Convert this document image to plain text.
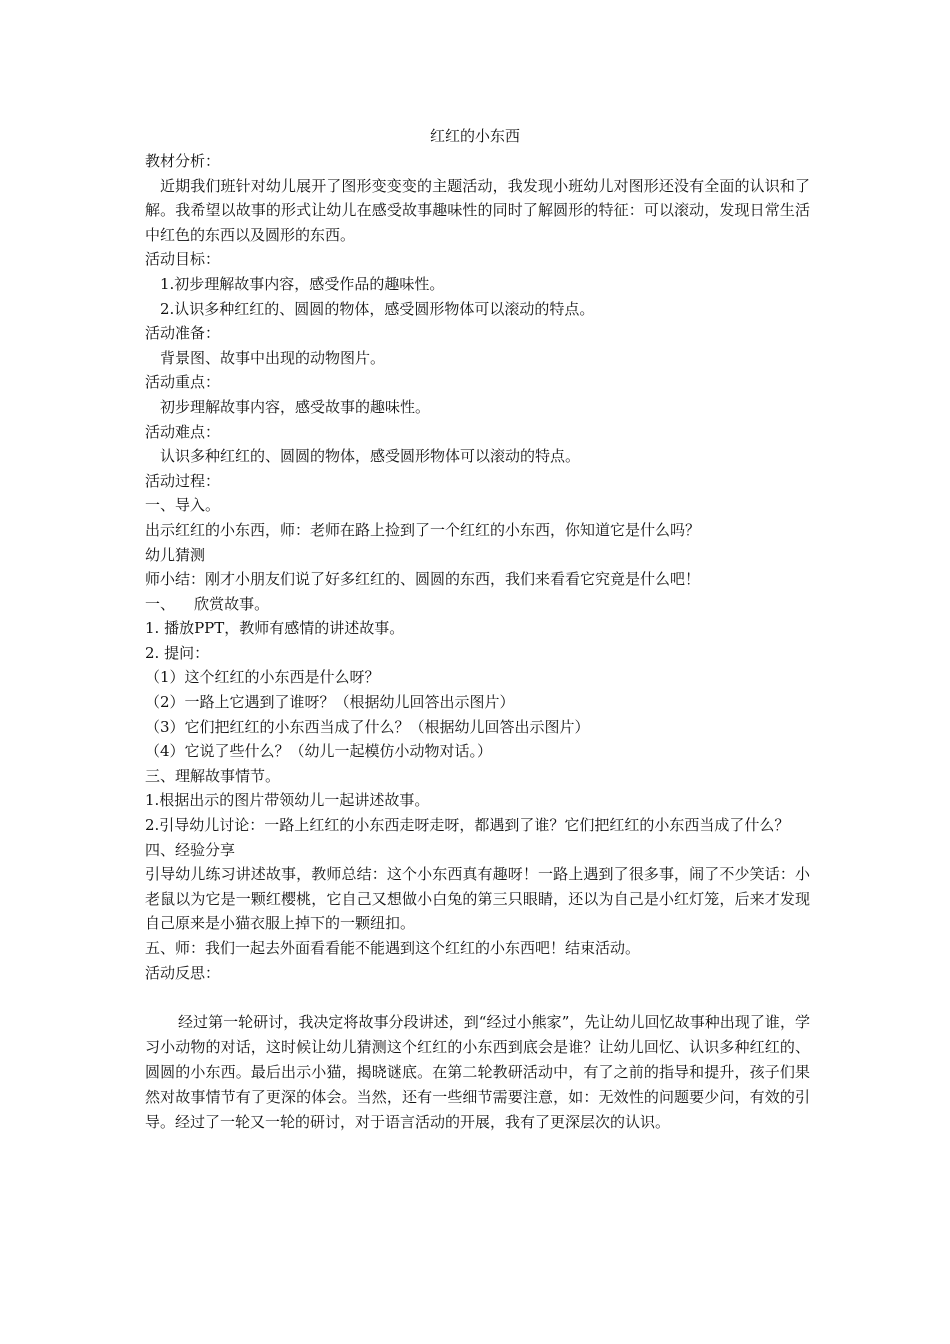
红红的小东西
教材分析：
近期我们班针对幼儿展开了图形变变变的主题活动，我发现小班幼儿对图形还没有全面的认识和了解。我希望以故事的形式让幼儿在感受故事趣味性的同时了解圆形的特征：可以滚动，发现日常生活中红色的东西以及圆形的东西。
活动目标：
1.初步理解故事内容，感受作品的趣味性。
2.认识多种红红的、圆圆的物体，感受圆形物体可以滚动的特点。
活动准备：
背景图、故事中出现的动物图片。
活动重点：
初步理解故事内容，感受故事的趣味性。
活动难点：
认识多种红红的、圆圆的物体，感受圆形物体可以滚动的特点。
活动过程：
一、导入。
出示红红的小东西，师：老师在路上捡到了一个红红的小东西，你知道它是什么吗？
幼儿猜测
师小结：刚才小朋友们说了好多红红的、圆圆的东西，我们来看看它究竟是什么吧！
一、    欣赏故事。
1. 播放PPT，教师有感情的讲述故事。
2. 提问：
（1）这个红红的小东西是什么呀？
（2）一路上它遇到了谁呀？（根据幼儿回答出示图片）
（3）它们把红红的小东西当成了什么？（根据幼儿回答出示图片）
（4）它说了些什么？（幼儿一起模仿小动物对话。）
三、理解故事情节。
1.根据出示的图片带领幼儿一起讲述故事。
2.引导幼儿讨论：一路上红红的小东西走呀走呀，都遇到了谁？它们把红红的小东西当成了什么？
四、经验分享
引导幼儿练习讲述故事，教师总结：这个小东西真有趣呀！一路上遇到了很多事，闹了不少笑话：小老鼠以为它是一颗红樱桃，它自己又想做小白兔的第三只眼睛，还以为自己是小红灯笼，后来才发现自己原来是小猫衣服上掉下的一颗纽扣。
五、师：我们一起去外面看看能不能遇到这个红红的小东西吧！结束活动。
活动反思：
经过第一轮研讨，我决定将故事分段讲述，到“经过小熊家”，先让幼儿回忆故事种出现了谁，学习小动物的对话，这时候让幼儿猜测这个红红的小东西到底会是谁？让幼儿回忆、认识多种红红的、圆圆的小东西。最后出示小猫，揭晓谜底。在第二轮教研活动中，有了之前的指导和提升，孩子们果然对故事情节有了更深的体会。当然，还有一些细节需要注意，如：无效性的问题要少问，有效的引导。经过了一轮又一轮的研讨，对于语言活动的开展，我有了更深层次的认识。
